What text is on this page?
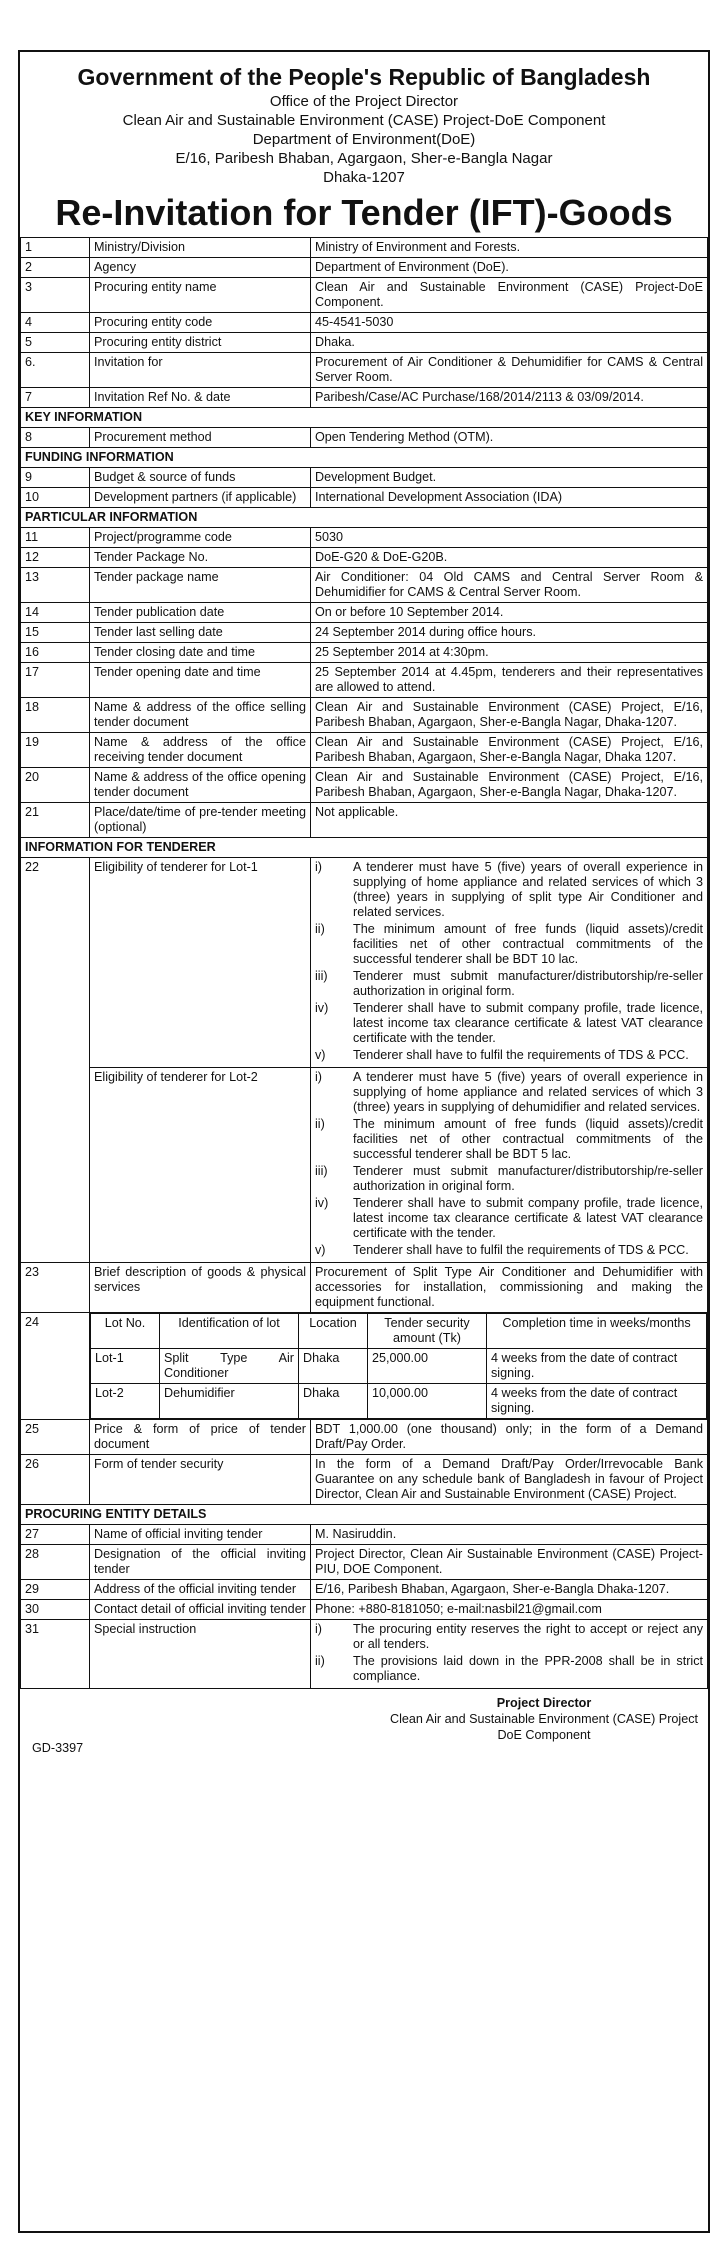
Government of the People's Republic of Bangladesh

Office of the Project Director

Clean Air and Sustainable Environment (CASE) Project-DoE Component

Department of Environment(DoE)

E/16, Paribesh Bhaban, Agargaon, Sher-e-Bangla Nagar

Dhaka-1207

Re-Invitation for Tender (IFT)-Goods

1	Ministry/Division	Ministry of Environment and Forests.
2	Agency	Department of Environment (DoE).
3	Procuring entity name	Clean Air and Sustainable Environment (CASE) Project-DoE Component.
4	Procuring entity code	45-4541-5030
5	Procuring entity district	Dhaka.
6.	Invitation for	Procurement of Air Conditioner & Dehumidifier for CAMS & Central Server Room.
7	Invitation Ref No. & date	Paribesh/Case/AC Purchase/168/2014/2113 & 03/09/2014.
KEY INFORMATION
8	Procurement method	Open Tendering Method (OTM).
FUNDING INFORMATION
9	Budget & source of funds	Development Budget.
10	Development partners (if applicable)	International Development Association (IDA)
PARTICULAR INFORMATION
11	Project/programme code	5030
12	Tender Package No.	DoE-G20 & DoE-G20B.
13	Tender package name	Air Conditioner: 04 Old CAMS and Central Server Room & Dehumidifier for CAMS & Central Server Room.
14	Tender publication date	On or before 10 September 2014.
15	Tender last selling date	24 September 2014 during office hours.
16	Tender closing date and time	25 September 2014 at 4:30pm.
17	Tender opening date and time	25 September 2014 at 4.45pm, tenderers and their representatives are allowed to attend.
18	Name & address of the office selling tender document	Clean Air and Sustainable Environment (CASE) Project, E/16, Paribesh Bhaban, Agargaon, Sher-e-Bangla Nagar, Dhaka-1207.
19	Name & address of the office receiving tender document	Clean Air and Sustainable Environment (CASE) Project, E/16, Paribesh Bhaban, Agargaon, Sher-e-Bangla Nagar, Dhaka 1207.
20	Name & address of the office opening tender document	Clean Air and Sustainable Environment (CASE) Project, E/16, Paribesh Bhaban, Agargaon, Sher-e-Bangla Nagar, Dhaka-1207.
21	Place/date/time of pre-tender meeting (optional)	Not applicable.
INFORMATION FOR TENDERER
22	Eligibility of tenderer for Lot-1	i)	A tenderer must have 5 (five) years of overall experience in supplying of home appliance and related services of which 3 (three) years in supplying of split type Air Conditioner and related services.
ii)	The minimum amount of free funds (liquid assets)/credit facilities net of other contractual commitments of the successful tenderer shall be BDT 10 lac.
iii)	Tenderer must submit manufacturer/distributorship/re-seller authorization in original form.
iv)	Tenderer shall have to submit company profile, trade licence, latest income tax clearance certificate & latest VAT clearance certificate with the tender.
v)	Tenderer shall have to fulfil the requirements of TDS & PCC.

Eligibility of tenderer for Lot-2	i)	A tenderer must have 5 (five) years of overall experience in supplying of home appliance and related services of which 3 (three) years in supplying of dehumidifier and related services.
ii)	The minimum amount of free funds (liquid assets)/credit facilities net of other contractual commitments of the successful tenderer shall be BDT 5 lac.
iii)	Tenderer must submit manufacturer/distributorship/re-seller authorization in original form.
iv)	Tenderer shall have to submit company profile, trade licence, latest income tax clearance certificate & latest VAT clearance certificate with the tender.
v)	Tenderer shall have to fulfil the requirements of TDS & PCC.

23	Brief description of goods & physical services	Procurement of Split Type Air Conditioner and Dehumidifier with accessories for installation, commissioning and making the equipment functional.
24		Lot No.	Identification of lot	Location	Tender security amount (Tk)	Completion time in weeks/months
Lot-1	Split Type Air Conditioner	Dhaka	25,000.00	4 weeks from the date of contract signing.
Lot-2	Dehumidifier	Dhaka	10,000.00	4 weeks from the date of contract signing.

25	Price & form of price of tender document	BDT 1,000.00 (one thousand) only; in the form of a Demand Draft/Pay Order.
26	Form of tender security	In the form of a Demand Draft/Pay Order/Irrevocable Bank Guarantee on any schedule bank of Bangladesh in favour of Project Director, Clean Air and Sustainable Environment (CASE) Project.
PROCURING ENTITY DETAILS
27	Name of official inviting tender	M. Nasiruddin.
28	Designation of the official inviting tender	Project Director, Clean Air Sustainable Environment (CASE) Project-PIU, DOE Component.
29	Address of the official inviting tender	E/16, Paribesh Bhaban, Agargaon, Sher-e-Bangla Dhaka-1207.
30	Contact detail of official inviting tender	Phone: +880-8181050; e-mail:nasbil21@gmail.com
31	Special instruction	i)	The procuring entity reserves the right to accept or reject any or all tenders.
ii)	The provisions laid down in the PPR-2008 shall be in strict compliance.
GD-3397
Project Director
Clean Air and Sustainable Environment (CASE) Project
DoE Component
